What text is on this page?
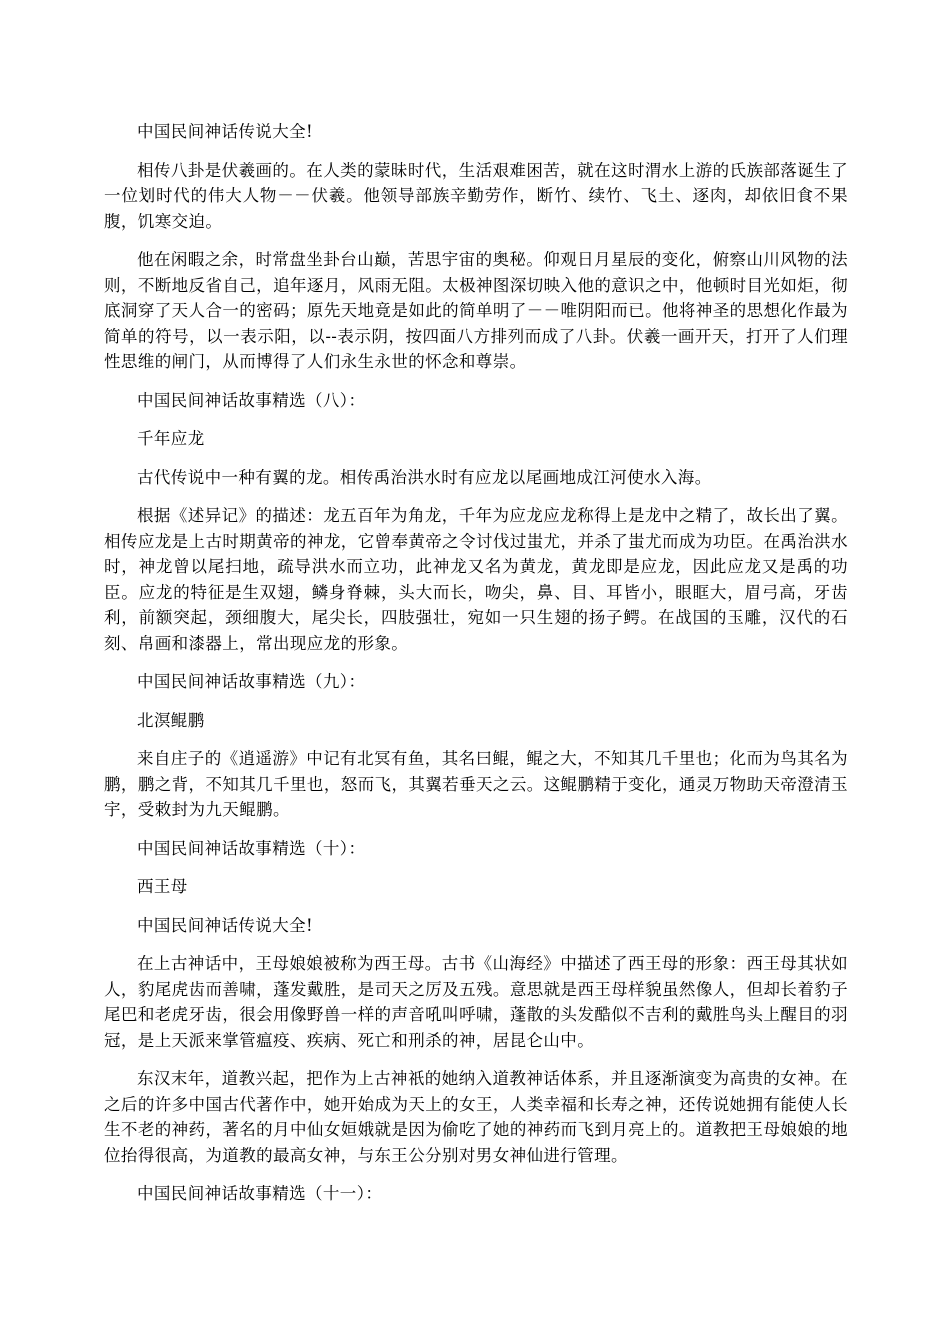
中国民间神话传说大全!

相传八卦是伏羲画的。在人类的蒙昧时代，生活艰难困苦，就在这时渭水上游的氏族部落诞生了一位划时代的伟大人物－－伏羲。他领导部族辛勤劳作，断竹、续竹、飞土、逐肉，却依旧食不果腹，饥寒交迫。

他在闲暇之余，时常盘坐卦台山巅，苦思宇宙的奥秘。仰观日月星辰的变化，俯察山川风物的法则，不断地反省自己，追年逐月，风雨无阻。太极神图深切映入他的意识之中，他顿时目光如炬，彻底洞穿了天人合一的密码；原先天地竟是如此的简单明了－－唯阴阳而已。他将神圣的思想化作最为简单的符号，以一表示阳，以--表示阴，按四面八方排列而成了八卦。伏羲一画开天，打开了人们理性思维的闸门，从而博得了人们永生永世的怀念和尊崇。

中国民间神话故事精选（八）：

千年应龙

古代传说中一种有翼的龙。相传禹治洪水时有应龙以尾画地成江河使水入海。

根据《述异记》的描述：龙五百年为角龙，千年为应龙应龙称得上是龙中之精了，故长出了翼。相传应龙是上古时期黄帝的神龙，它曾奉黄帝之令讨伐过蚩尤，并杀了蚩尤而成为功臣。在禹治洪水时，神龙曾以尾扫地，疏导洪水而立功，此神龙又名为黄龙，黄龙即是应龙，因此应龙又是禹的功臣。应龙的特征是生双翅，鳞身脊棘，头大而长，吻尖，鼻、目、耳皆小，眼眶大，眉弓高，牙齿利，前额突起，颈细腹大，尾尖长，四肢强壮，宛如一只生翅的扬子鳄。在战国的玉雕，汉代的石刻、帛画和漆器上，常出现应龙的形象。

中国民间神话故事精选（九）：

北溟鲲鹏

来自庄子的《逍遥游》中记有北冥有鱼，其名曰鲲，鲲之大，不知其几千里也；化而为鸟其名为鹏，鹏之背，不知其几千里也，怒而飞，其翼若垂天之云。这鲲鹏精于变化，通灵万物助天帝澄清玉宇，受敕封为九天鲲鹏。

中国民间神话故事精选（十）：

西王母

中国民间神话传说大全!

在上古神话中，王母娘娘被称为西王母。古书《山海经》中描述了西王母的形象：西王母其状如人，豹尾虎齿而善啸，蓬发戴胜，是司天之厉及五残。意思就是西王母样貌虽然像人，但却长着豹子尾巴和老虎牙齿，很会用像野兽一样的声音吼叫呼啸，蓬散的头发酷似不吉利的戴胜鸟头上醒目的羽冠，是上天派来掌管瘟疫、疾病、死亡和刑杀的神，居昆仑山中。

东汉末年，道教兴起，把作为上古神祇的她纳入道教神话体系，并且逐渐演变为高贵的女神。在之后的许多中国古代著作中，她开始成为天上的女王，人类幸福和长寿之神，还传说她拥有能使人长生不老的神药，著名的月中仙女姮娥就是因为偷吃了她的神药而飞到月亮上的。道教把王母娘娘的地位抬得很高，为道教的最高女神，与东王公分别对男女神仙进行管理。

中国民间神话故事精选（十一）：
